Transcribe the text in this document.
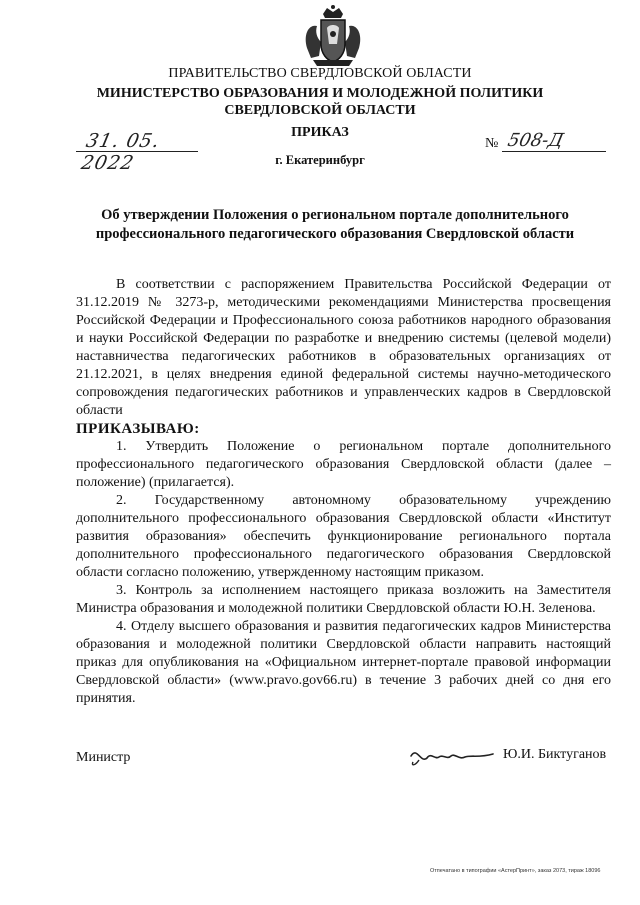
ПРАВИТЕЛЬСТВО СВЕРДЛОВСКОЙ ОБЛАСТИ
МИНИСТЕРСТВО ОБРАЗОВАНИЯ И МОЛОДЕЖНОЙ ПОЛИТИКИ
СВЕРДЛОВСКОЙ ОБЛАСТИ
ПРИКАЗ
31. 05. 2022
№ 508-Д
г. Екатеринбург
Об утверждении Положения о региональном портале дополнительного
профессионального педагогического образования Свердловской области

В соответствии с распоряжением Правительства Российской Федерации от 31.12.2019 № 3273-р, методическими рекомендациями Министерства просвещения Российской Федерации и Профессионального союза работников народного образования и науки Российской Федерации по разработке и внедрению системы (целевой модели) наставничества педагогических работников в образовательных организациях от 21.12.2021, в целях внедрения единой федеральной системы научно-методического сопровождения педагогических работников и управленческих кадров в Свердловской области

ПРИКАЗЫВАЮ:

1. Утвердить Положение о региональном портале дополнительного профессионального педагогического образования Свердловской области (далее – положение) (прилагается).

2. Государственному автономному образовательному учреждению дополнительного профессионального образования Свердловской области «Институт развития образования» обеспечить функционирование регионального портала дополнительного профессионального педагогического образования Свердловской области согласно положению, утвержденному настоящим приказом.

3. Контроль за исполнением настоящего приказа возложить на Заместителя Министра образования и молодежной политики Свердловской области Ю.Н. Зеленова.

4. Отделу высшего образования и развития педагогических кадров Министерства образования и молодежной политики Свердловской области направить настоящий приказ для опубликования на «Официальном интернет-портале правовой информации Свердловской области» (www.pravo.gov66.ru) в течение 3 рабочих дней со дня его принятия.

Министр	Ю.И. Биктуганов
Отпечатано в типографии «АстерПринт», заказ 2073, тираж 18096
